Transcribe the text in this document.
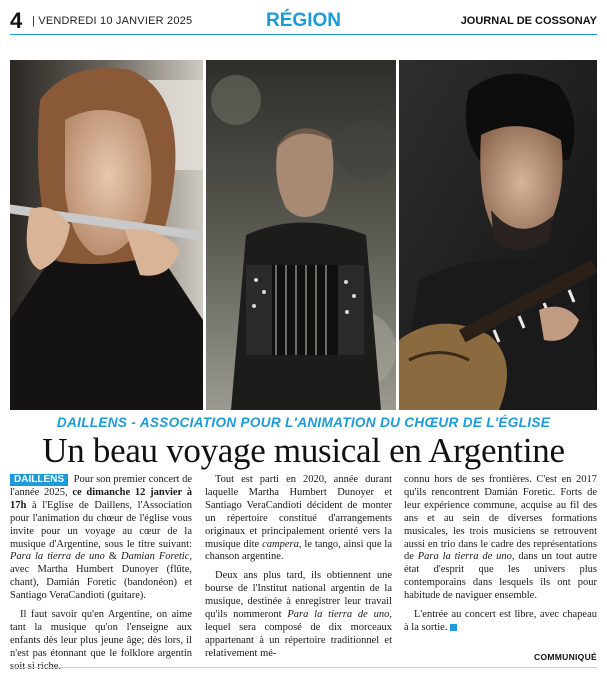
4 | VENDREDI 10 JANVIER 2025	RÉGION	JOURNAL DE COSSONAY
DAILLENS - ASSOCIATION POUR L'ANIMATION DU CHŒUR DE L'ÉGLISE
Un beau voyage musical en Argentine

DAILLENS Pour son premier concert de l'année 2025, ce dimanche 12 janvier à 17h à l'Eglise de Daillens, l'Association pour l'animation du chœur de l'église vous invite pour un voyage au cœur de la musique d'Argentine, sous le titre suivant: Para la tierra de uno & Damian Foretic, avec Martha Humbert Dunoyer (flûte, chant), Damián Foretic (bandonéon) et Santiago VeraCandioti (guitare).

Il faut savoir qu'en Argentine, on aime tant la musique qu'on l'enseigne aux enfants dès leur plus jeune âge; dès lors, il n'est pas étonnant que le folklore argentin

Tout est parti en 2020, année durant laquelle Martha Humbert Dunoyer et Santiago VeraCandioti décident de monter un répertoire constitué d'arrangements originaux et principalement orienté vers la musique dite campera, le tango, ainsi que la chanson argentine.

Deux ans plus tard, ils obtiennent une bourse de l'Institut national argentin de la musique, destinée à enregistrer leur travail qu'ils nommeront Para la tierra de uno, lequel sera composé de dix morceaux appartenant à un répertoire traditionnel et relativement mé-

connu hors de ses frontières. C'est en 2017 qu'ils rencontrent Damián Foretic. Forts de leur expérience commune, acquise au fil des ans et au sein de diverses formations musicales, les trois musiciens se retrouvent aussi en trio dans le cadre des représentations de Para la tierra de uno, dans un tout autre état d'esprit que les univers plus contemporains dans lesquels ils ont pour habitude de naviguer ensemble.

L'entrée au concert est libre, avec chapeau à la sortie.

COMMUNIQUÉ
